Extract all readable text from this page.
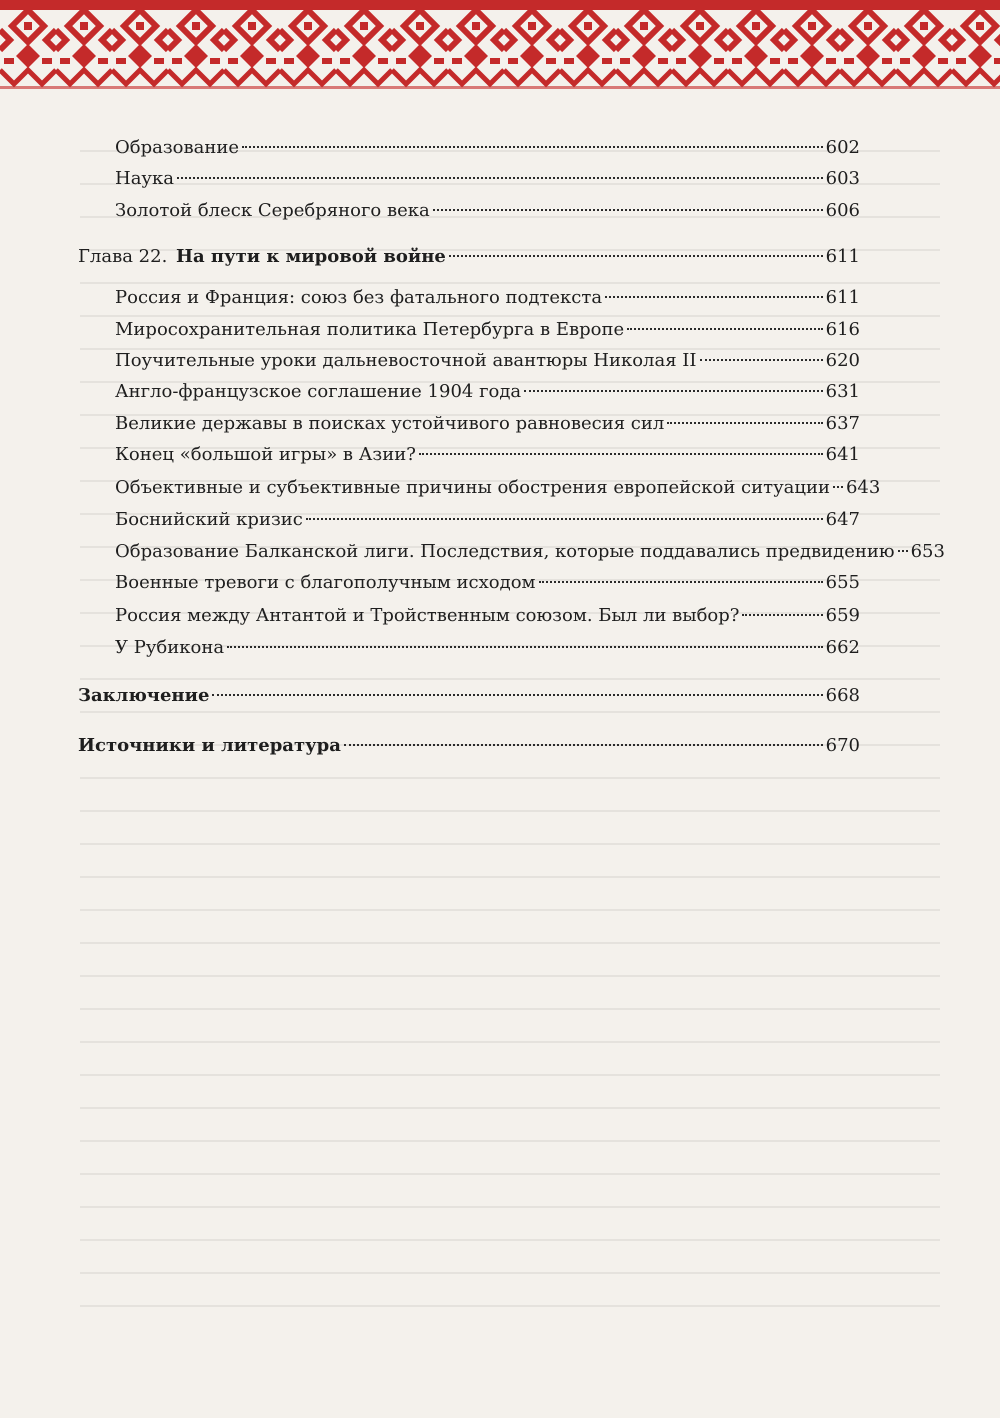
Образование	602
Наука	603
Золотой блеск Серебряного века	606
Глава 22. На пути к мировой войне	611
Россия и Франция: союз без фатального подтекста	611
Миросохранительная политика Петербурга в Европе	616
Поучительные уроки дальневосточной авантюры Николая II	620
Англо-французское соглашение 1904 года	631
Великие державы в поисках устойчивого равновесия сил	637
Конец «большой игры» в Азии?	641
Объективные и субъективные причины обострения европейской ситуации 643
Боснийский кризис	647
Образование Балканской лиги. Последствия, которые поддавались предвидению 653
Военные тревоги с благополучным исходом	655
Россия между Антантой и Тройственным союзом. Был ли выбор?	659
У Рубикона	662
Заключение	668
Источники и литература	670
